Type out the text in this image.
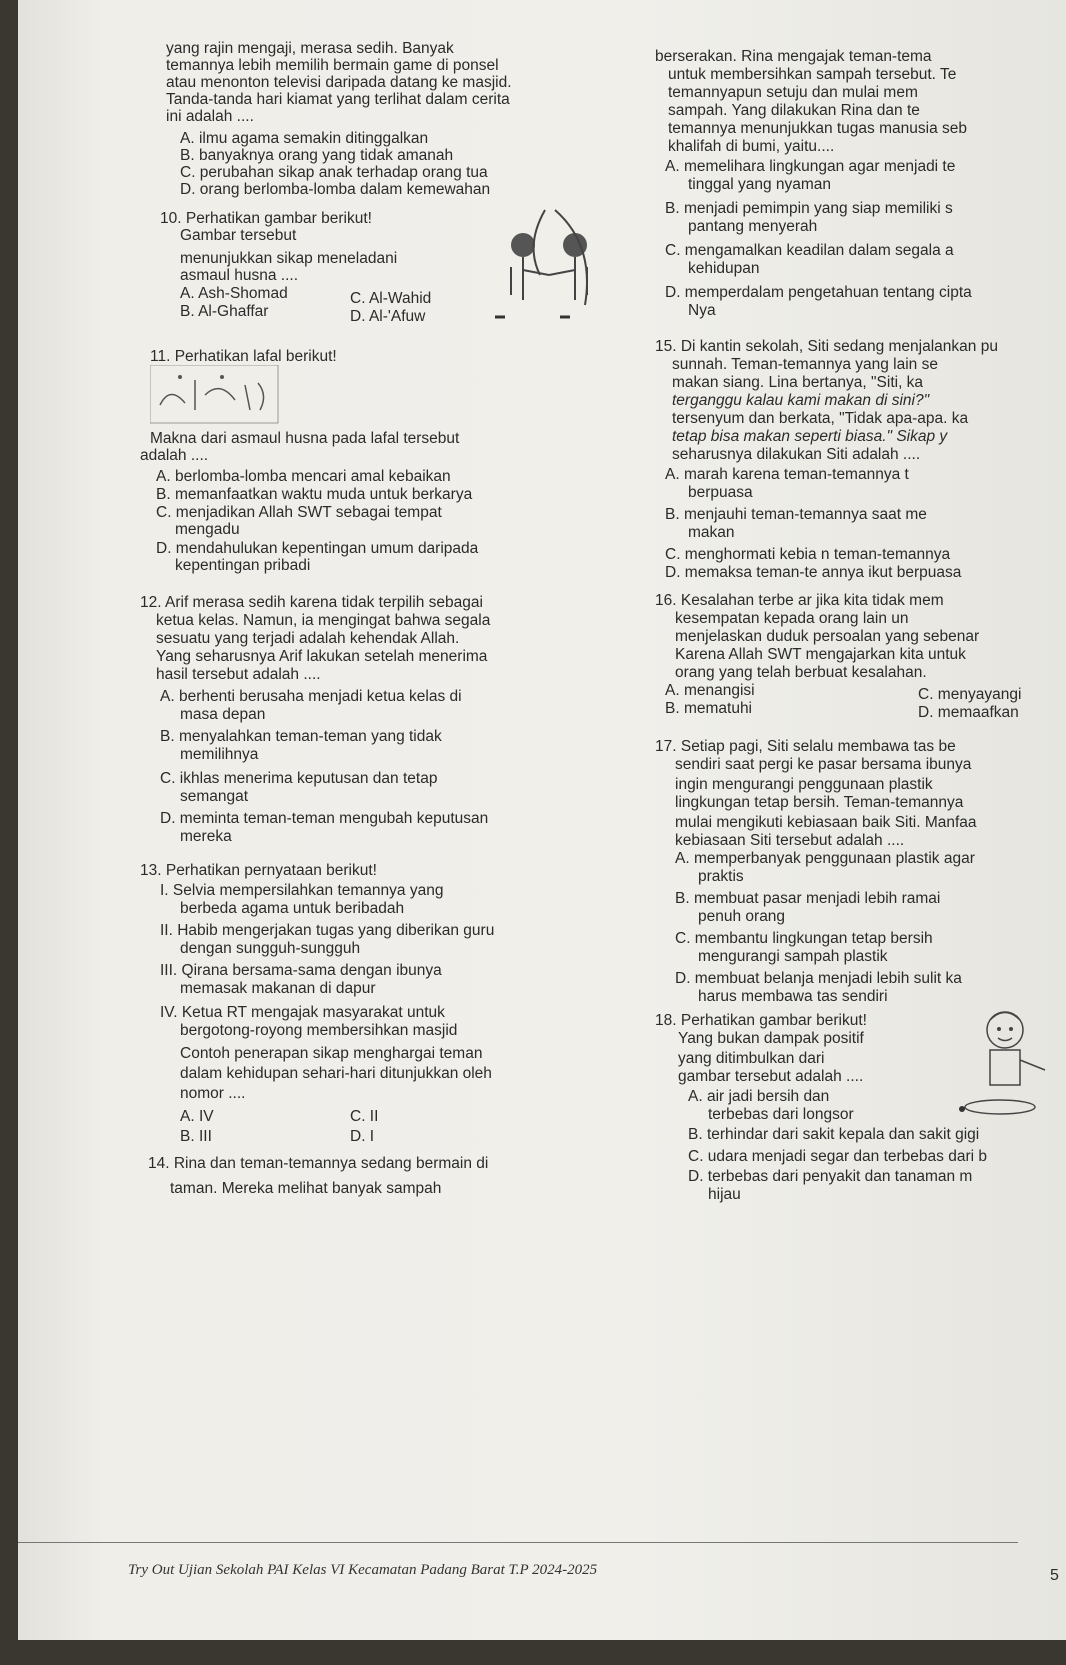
yang rajin mengaji, merasa sedih. Banyak
temannya lebih memilih bermain game di ponsel
atau menonton televisi daripada datang ke masjid.
Tanda-tanda hari kiamat yang terlihat dalam cerita
ini adalah ....
A. ilmu agama semakin ditinggalkan
B. banyaknya orang yang tidak amanah
C. perubahan sikap anak terhadap orang tua
D. orang berlomba-lomba dalam kemewahan
10. Perhatikan gambar berikut!
Gambar tersebut
menunjukkan sikap meneladani
asmaul husna ....
A. Ash-Shomad	C. Al-Wahid
B. Al-Ghaffar	D. Al-'Afuw
11. Perhatikan lafal berikut!
Makna dari asmaul husna pada lafal tersebut
adalah ....
A. berlomba-lomba mencari amal kebaikan
B. memanfaatkan waktu muda untuk berkarya
C. menjadikan Allah SWT sebagai tempat
mengadu
D. mendahulukan kepentingan umum daripada
kepentingan pribadi
12. Arif merasa sedih karena tidak terpilih sebagai
ketua kelas. Namun, ia mengingat bahwa segala
sesuatu yang terjadi adalah kehendak Allah.
Yang seharusnya Arif lakukan setelah menerima
hasil tersebut adalah ....
A. berhenti berusaha menjadi ketua kelas di
masa depan
B. menyalahkan teman-teman yang tidak
memilihnya
C. ikhlas menerima keputusan dan tetap
semangat
D. meminta teman-teman mengubah keputusan
mereka
13. Perhatikan pernyataan berikut!
I. Selvia mempersilahkan temannya yang
berbeda agama untuk beribadah
II. Habib mengerjakan tugas yang diberikan guru
dengan sungguh-sungguh
III. Qirana bersama-sama dengan ibunya
memasak makanan di dapur
IV. Ketua RT mengajak masyarakat untuk
bergotong-royong membersihkan masjid
Contoh penerapan sikap menghargai teman
dalam kehidupan sehari-hari ditunjukkan oleh
nomor ....
A. IV	C. II
B. III	D. I
14. Rina dan teman-temannya sedang bermain di
taman. Mereka melihat banyak sampah
berserakan. Rina mengajak teman-tema
untuk membersihkan sampah tersebut. Te
temannyapun setuju dan mulai mem
sampah. Yang dilakukan Rina dan te
temannya menunjukkan tugas manusia seb
khalifah di bumi, yaitu....
A. memelihara lingkungan agar menjadi te
tinggal yang nyaman
B. menjadi pemimpin yang siap memiliki s
pantang menyerah
C. mengamalkan keadilan dalam segala a
kehidupan
D. memperdalam pengetahuan tentang cipta
Nya
15. Di kantin sekolah, Siti sedang menjalankan pu
sunnah. Teman-temannya yang lain se
makan siang. Lina bertanya, "Siti, ka
terganggu kalau kami makan di sini?"
tersenyum dan berkata, "Tidak apa-apa. ka
tetap bisa makan seperti biasa." Sikap y
seharusnya dilakukan Siti adalah ....
A. marah karena teman-temannya t
berpuasa
B. menjauhi teman-temannya saat me
makan
C. menghormati kebia n teman-temannya
D. memaksa teman-te annya ikut berpuasa
16. Kesalahan terbe ar jika kita tidak mem
kesempatan kepada orang lain un
menjelaskan duduk persoalan yang sebenar
Karena Allah SWT mengajarkan kita untuk
orang yang telah berbuat kesalahan.
A. menangisi	C. menyayangi
B. mematuhi	D. memaafkan
17. Setiap pagi, Siti selalu membawa tas be
sendiri saat pergi ke pasar bersama ibunya
ingin mengurangi penggunaan plastik
lingkungan tetap bersih. Teman-temannya
mulai mengikuti kebiasaan baik Siti. Manfaa
kebiasaan Siti tersebut adalah ....
A. memperbanyak penggunaan plastik agar
praktis
B. membuat pasar menjadi lebih ramai
penuh orang
C. membantu lingkungan tetap bersih
mengurangi sampah plastik
D. membuat belanja menjadi lebih sulit ka
harus membawa tas sendiri
18. Perhatikan gambar berikut!
Yang bukan dampak positif
yang ditimbulkan dari
gambar tersebut adalah ....
A. air jadi bersih dan
terbebas dari longsor
B. terhindar dari sakit kepala dan sakit gigi
C. udara menjadi segar dan terbebas dari b
D. terbebas dari penyakit dan tanaman m
hijau
Try Out Ujian Sekolah PAI Kelas VI Kecamatan Padang Barat T.P 2024-2025	5
